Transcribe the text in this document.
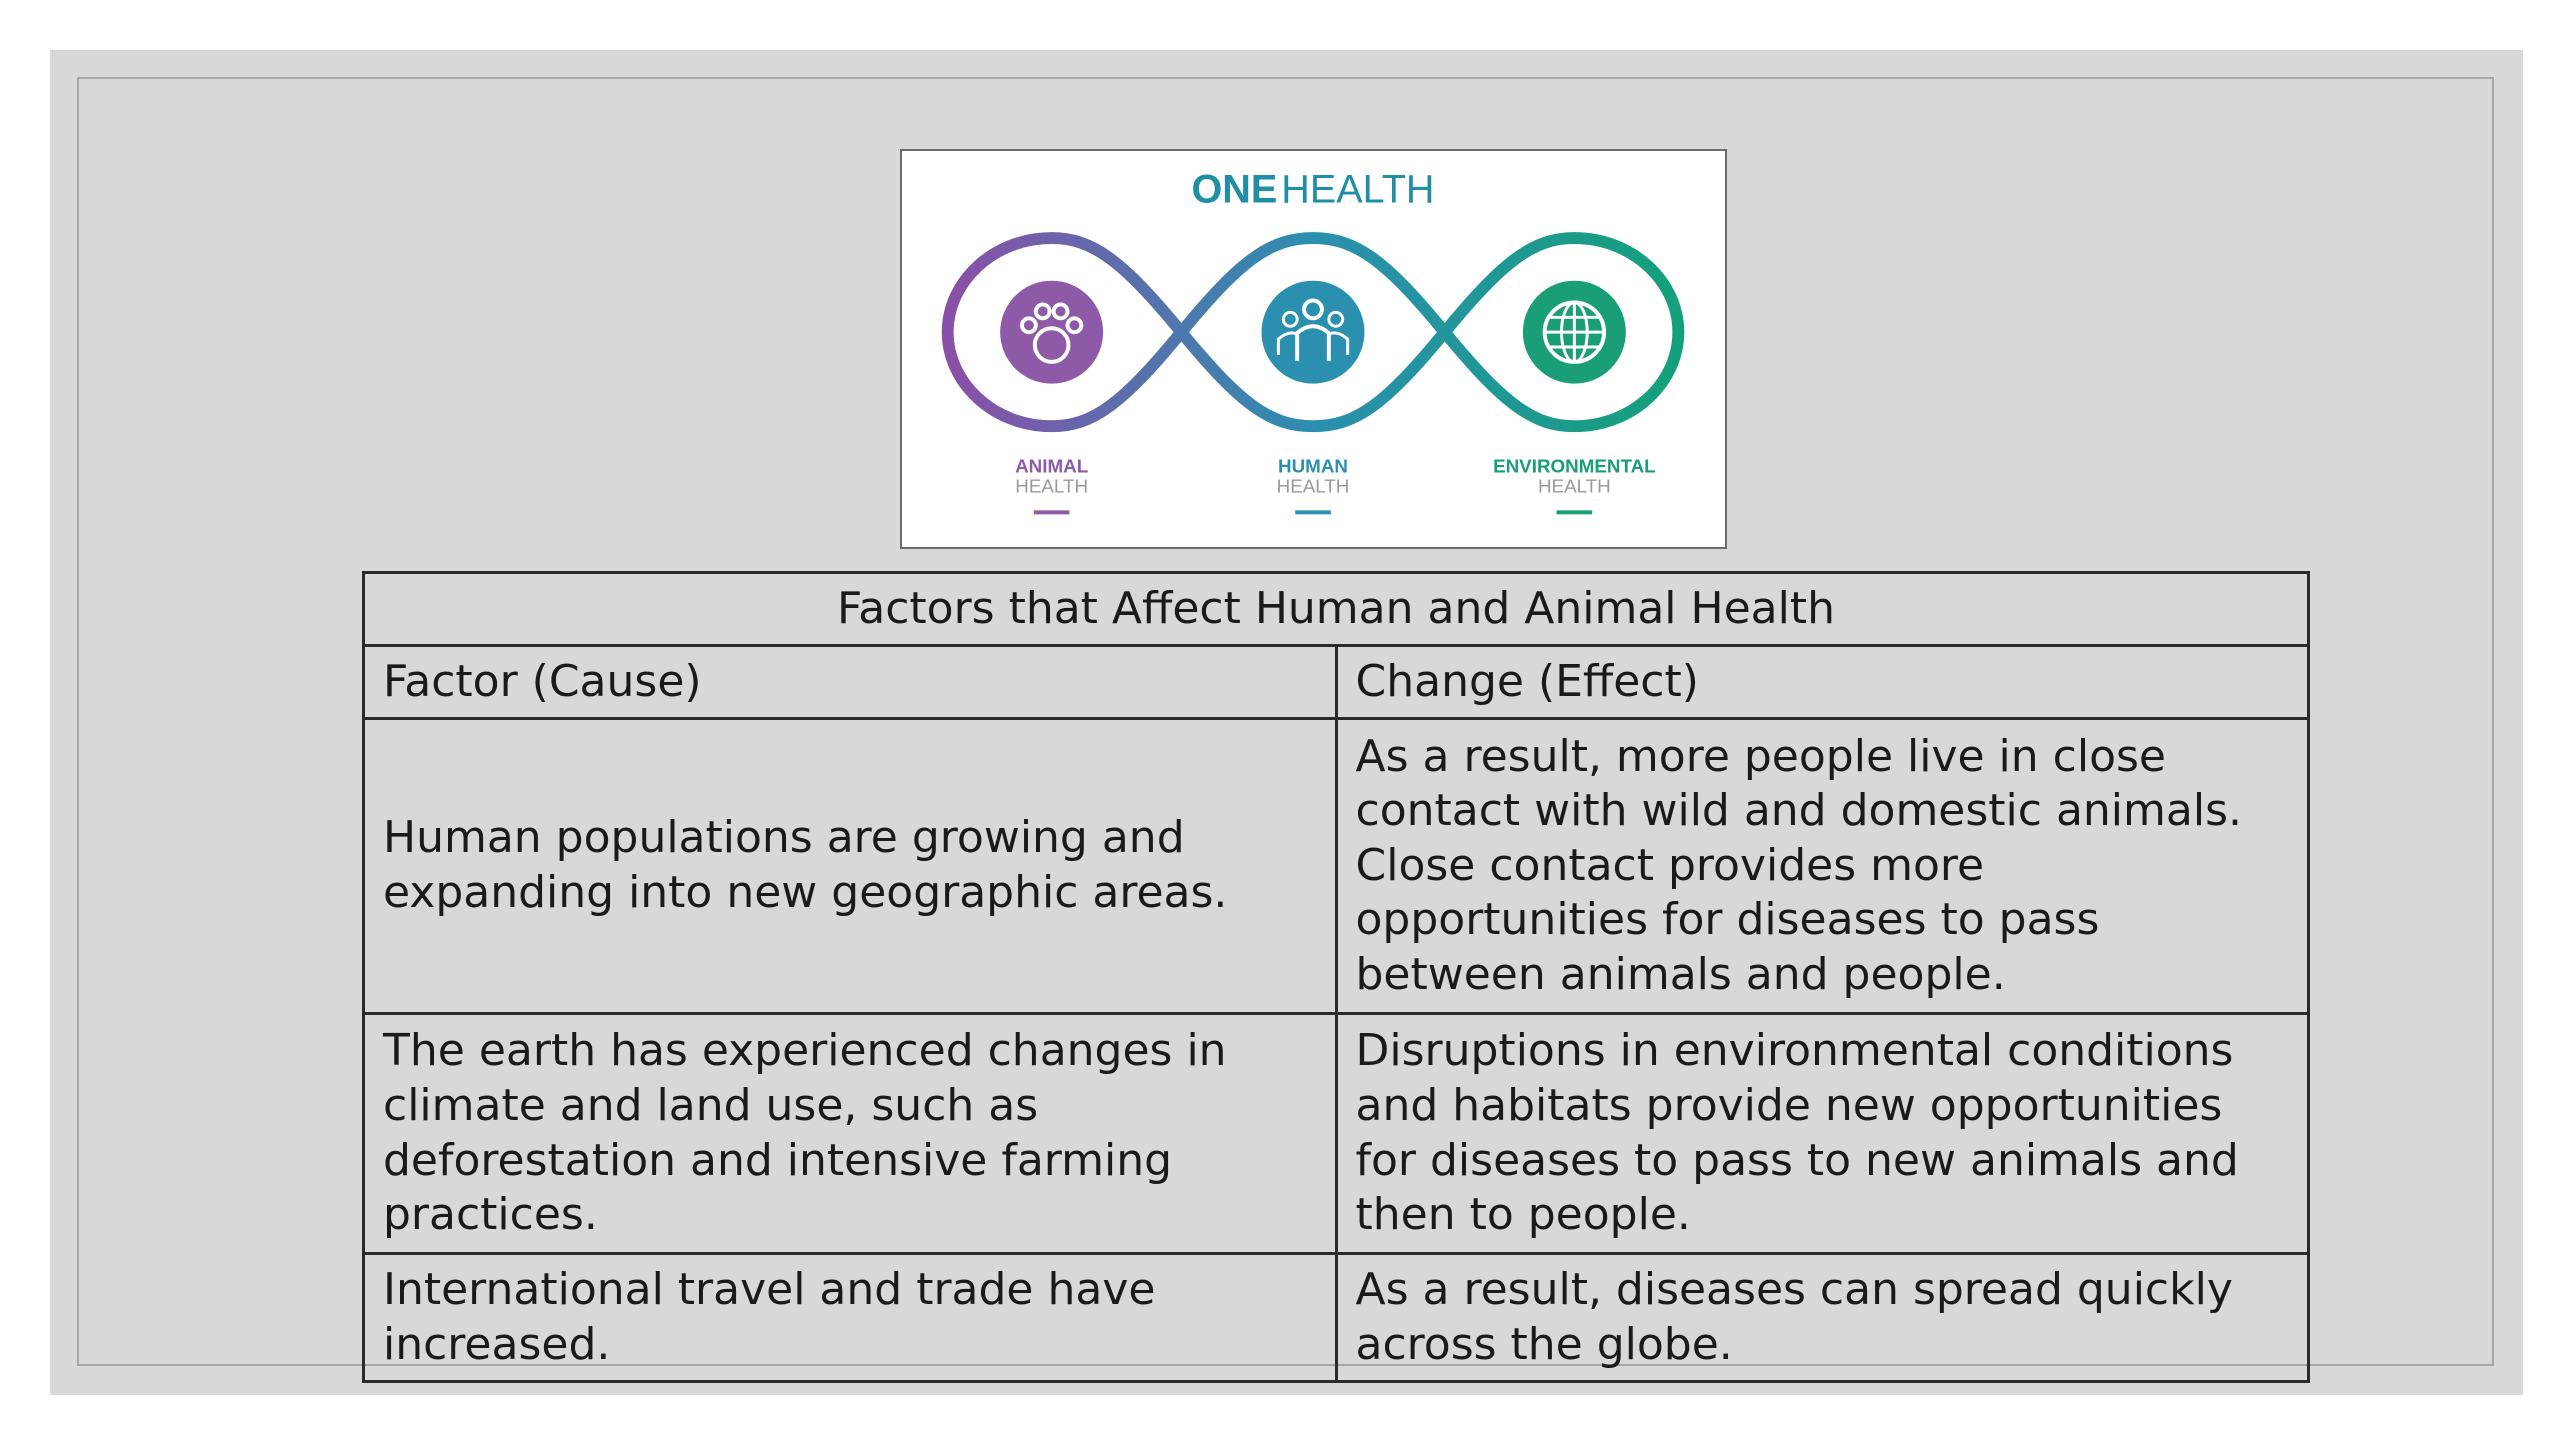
ONEHEALTH
ANIMAL
HEALTH
HUMAN
HEALTH
ENVIRONMENTAL
HEALTH
Factors that Affect Human and Animal Health	
Factor (Cause)	Change (Effect)
Human populations are growing and expanding into new geographic areas.	As a result, more people live in close contact with wild and domestic animals. Close contact provides more opportunities for diseases to pass between animals and people.
The earth has experienced changes in climate and land use, such as deforestation and intensive farming practices.	Disruptions in environmental conditions and habitats provide new opportunities for diseases to pass to new animals and then to people.
International travel and trade have increased.	As a result, diseases can spread quickly across the globe.
